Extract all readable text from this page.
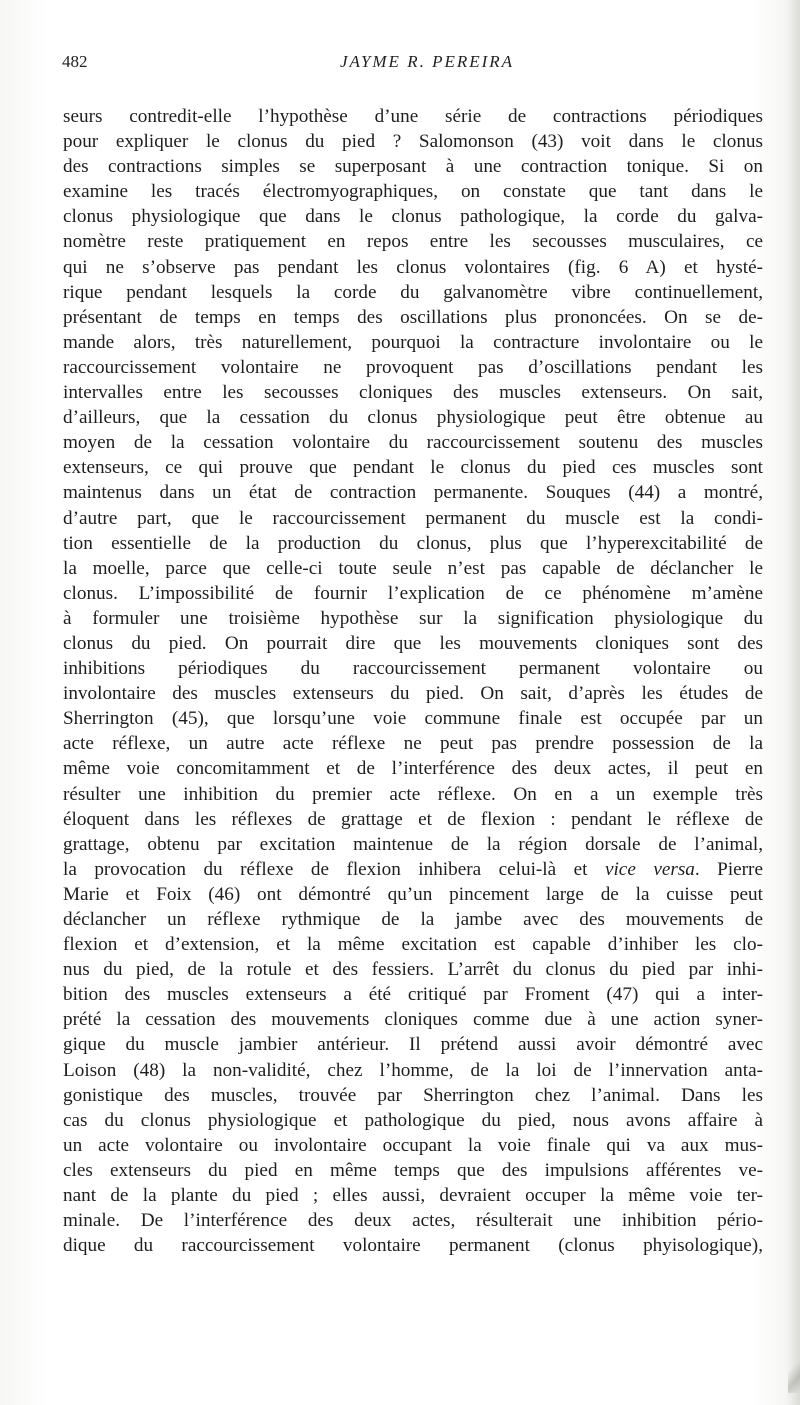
482	JAYME R. PEREIRA
seurs contredit-elle l’hypothèse d’une série de contractions périodiques
pour expliquer le clonus du pied ? Salomonson (43) voit dans le clonus
des contractions simples se superposant à une contraction tonique. Si on
examine les tracés électromyographiques, on constate que tant dans le
clonus physiologique que dans le clonus pathologique, la corde du galva-
nomètre reste pratiquement en repos entre les secousses musculaires, ce
qui ne s’observe pas pendant les clonus volontaires (fig. 6 A) et hysté-
rique pendant lesquels la corde du galvanomètre vibre continuellement,
présentant de temps en temps des oscillations plus prononcées. On se de-
mande alors, très naturellement, pourquoi la contracture involontaire ou le
raccourcissement volontaire ne provoquent pas d’oscillations pendant les
intervalles entre les secousses cloniques des muscles extenseurs. On sait,
d’ailleurs, que la cessation du clonus physiologique peut être obtenue au
moyen de la cessation volontaire du raccourcissement soutenu des muscles
extenseurs, ce qui prouve que pendant le clonus du pied ces muscles sont
maintenus dans un état de contraction permanente. Souques (44) a montré,
d’autre part, que le raccourcissement permanent du muscle est la condi-
tion essentielle de la production du clonus, plus que l’hyperexcitabilité de
la moelle, parce que celle-ci toute seule n’est pas capable de déclancher le
clonus. L’impossibilité de fournir l’explication de ce phénomène m’amène
à formuler une troisième hypothèse sur la signification physiologique du
clonus du pied. On pourrait dire que les mouvements cloniques sont des
inhibitions périodiques du raccourcissement permanent volontaire ou
involontaire des muscles extenseurs du pied. On sait, d’après les études de
Sherrington (45), que lorsqu’une voie commune finale est occupée par un
acte réflexe, un autre acte réflexe ne peut pas prendre possession de la
même voie concomitamment et de l’interférence des deux actes, il peut en
résulter une inhibition du premier acte réflexe. On en a un exemple très
éloquent dans les réflexes de grattage et de flexion : pendant le réflexe de
grattage, obtenu par excitation maintenue de la région dorsale de l’animal,
la provocation du réflexe de flexion inhibera celui-là et vice versa. Pierre
Marie et Foix (46) ont démontré qu’un pincement large de la cuisse peut
déclancher un réflexe rythmique de la jambe avec des mouvements de
flexion et d’extension, et la même excitation est capable d’inhiber les clo-
nus du pied, de la rotule et des fessiers. L’arrêt du clonus du pied par inhi-
bition des muscles extenseurs a été critiqué par Froment (47) qui a inter-
prété la cessation des mouvements cloniques comme due à une action syner-
gique du muscle jambier antérieur. Il prétend aussi avoir démontré avec
Loison (48) la non-validité, chez l’homme, de la loi de l’innervation anta-
gonistique des muscles, trouvée par Sherrington chez l’animal. Dans les
cas du clonus physiologique et pathologique du pied, nous avons affaire à
un acte volontaire ou involontaire occupant la voie finale qui va aux mus-
cles extenseurs du pied en même temps que des impulsions afférentes ve-
nant de la plante du pied ; elles aussi, devraient occuper la même voie ter-
minale. De l’interférence des deux actes, résulterait une inhibition pério-
dique du raccourcissement volontaire permanent (clonus phyisologique),
